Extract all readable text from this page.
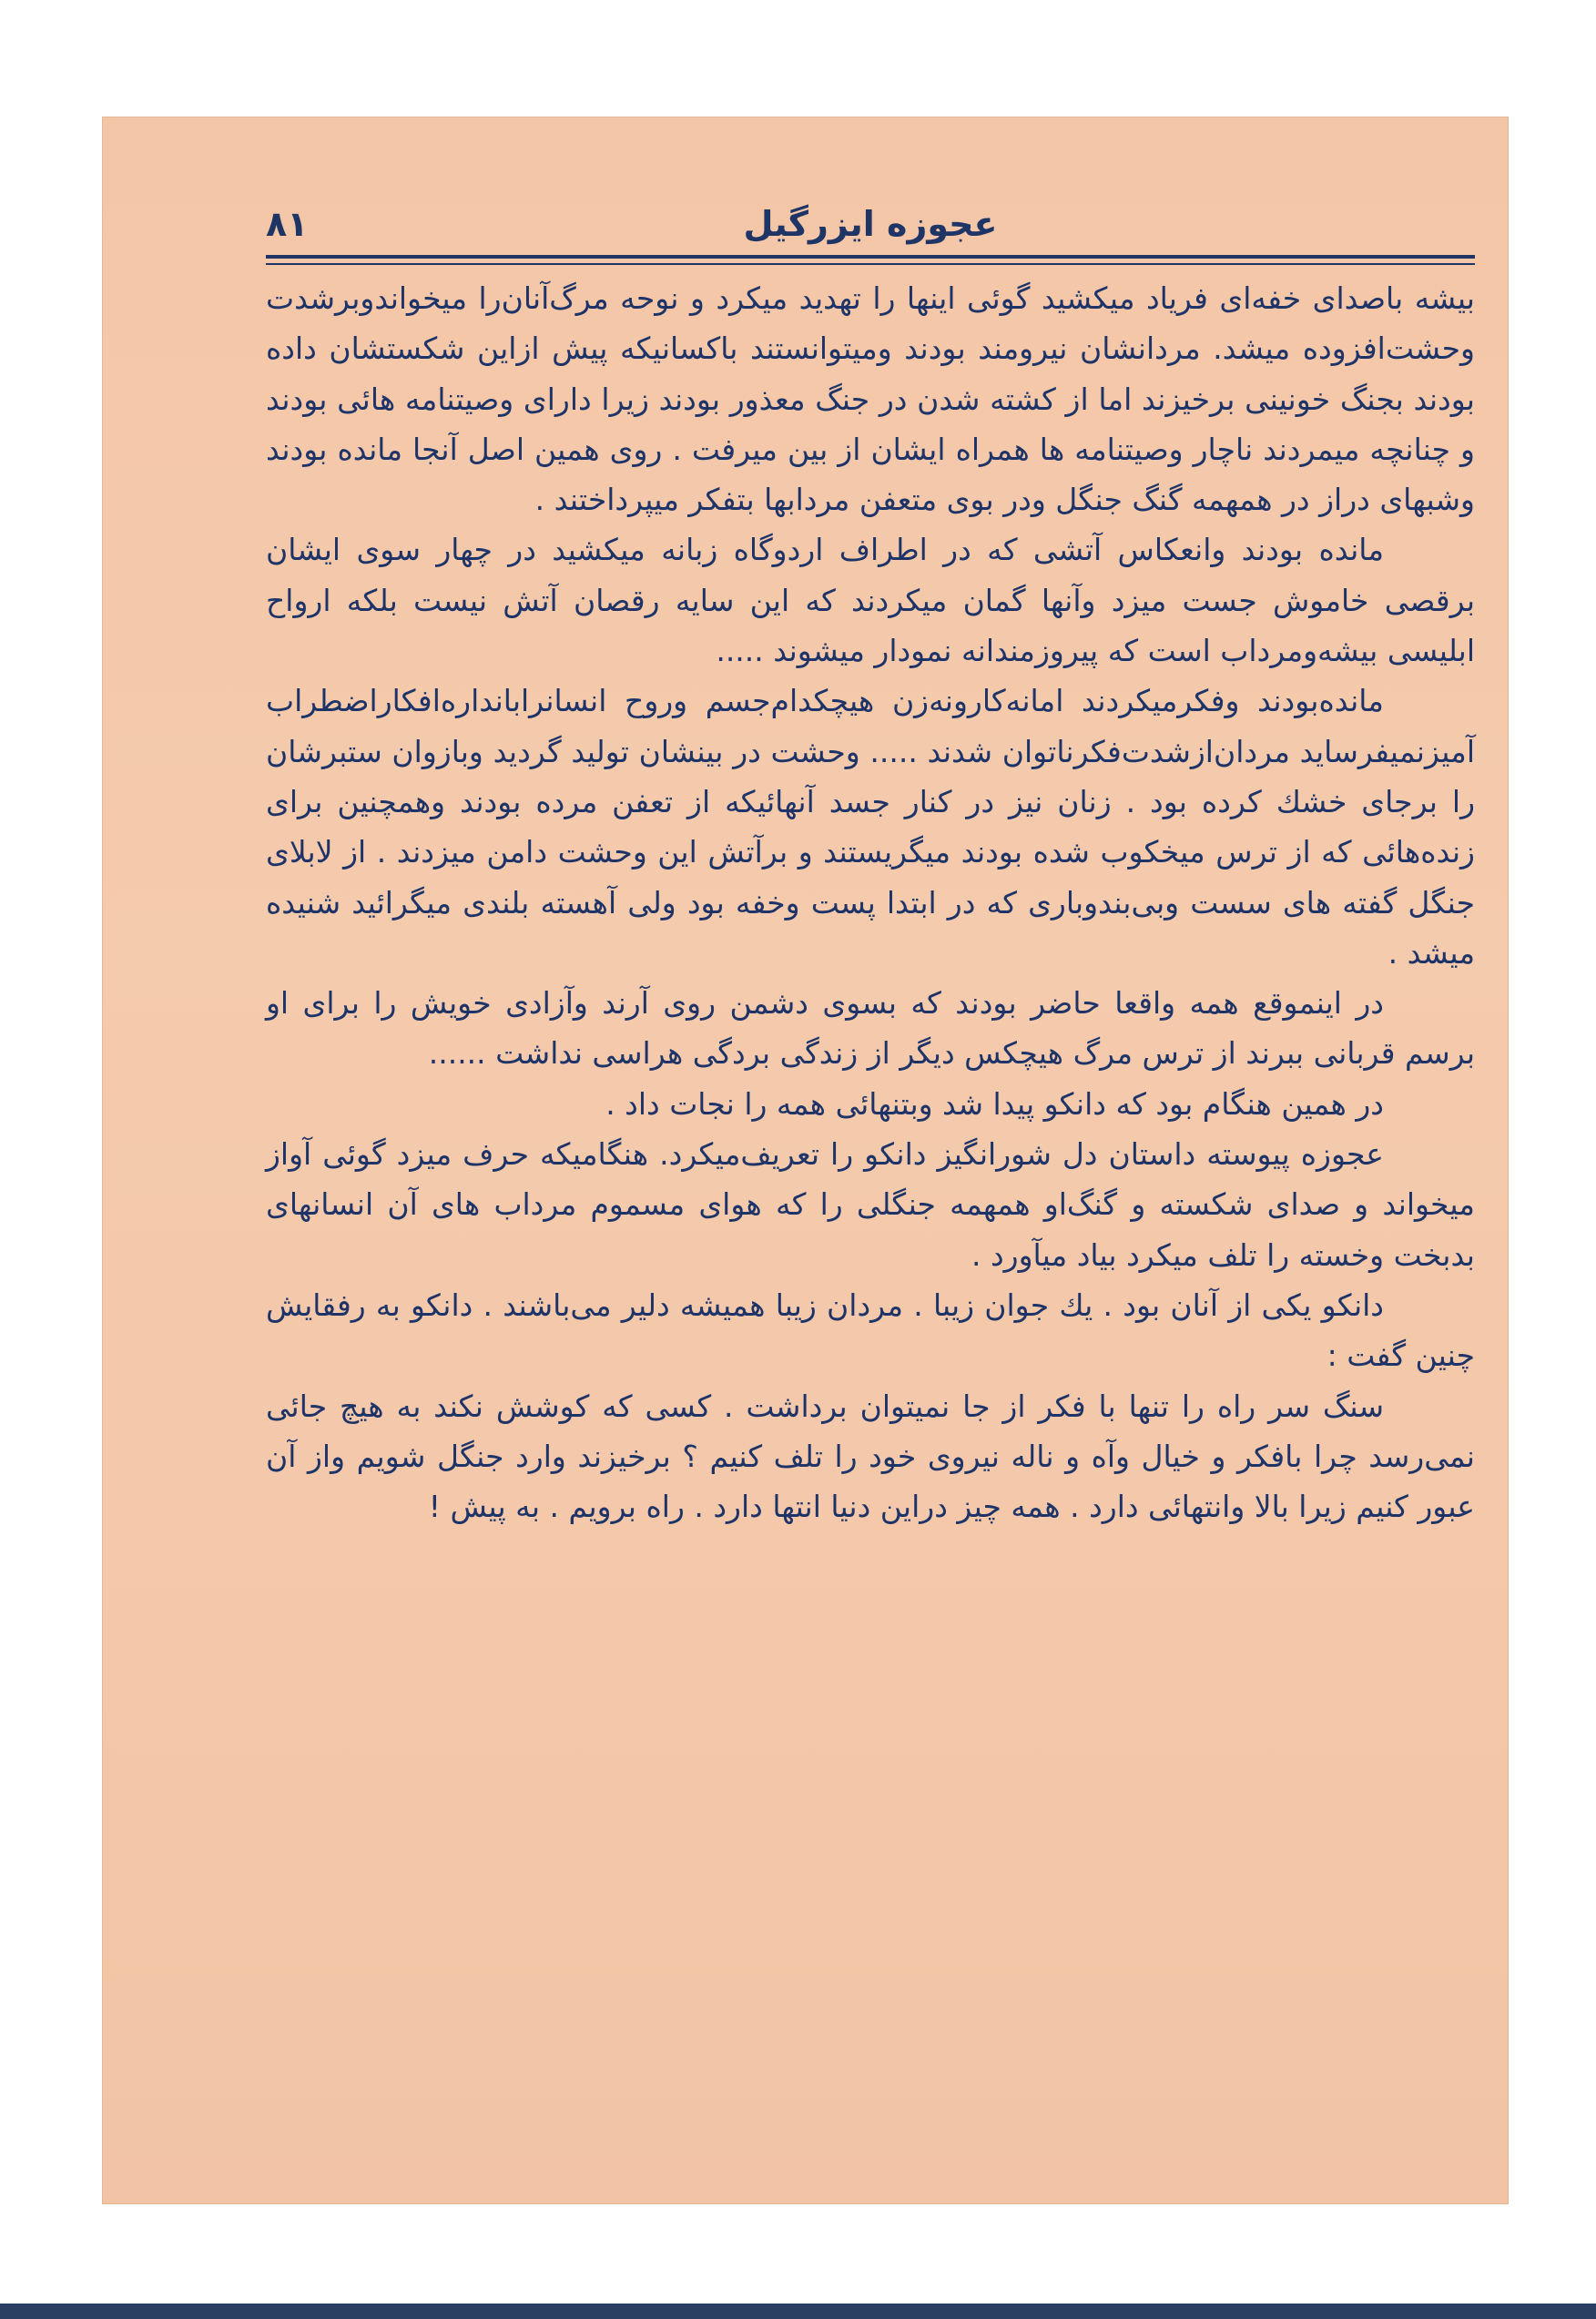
۸۱	عجوزه ایزرگیل

بیشه باصدای خفه‌ای فریاد میکشید گوئی اینها را تهدید میکرد و نوحه مرگ‌آنان‌را میخواندوبرشدت وحشت‌افزوده میشد. مردانشان نیرومند بودند ومیتوانستند باکسانیکه پیش ازاین شکستشان داده بودند بجنگ خونینی برخیزند اما از کشته شدن در جنگ معذور بودند زیرا دارای وصیتنامه هائی بودند و چنانچه میمردند ناچار وصیتنامه ها همراه ایشان از بین میرفت . روی همین اصل آنجا مانده بودند وشبهای دراز در همهمه گنگ جنگل ودر بوی متعفن مردابها بتفکر میپرداختند .

مانده بودند وانعکاس آتشی که در اطراف اردوگاه زبانه میکشید در چهار سوی ایشان برقصی خاموش جست میزد وآنها گمان میکردند که این سایه رقصان آتش نیست بلکه ارواح ابلیسی بیشه‌ومرداب است که پیروزمندانه نمودار میشوند .....

مانده‌بودند وفکرمیکردند امانه‌کارونه‌زن هیچکدام‌جسم وروح انسانرابانداره‌افکاراضطراب آمیزنمیفرساید مردان‌ازشدت‌فکرناتوان شدند ..... وحشت در بینشان تولید گردید وبازوان ستبرشان را برجای خشك کرده بود . زنان نیز در کنار جسد آنهائیکه از تعفن مرده بودند وهمچنین برای زنده‌هائی که از ترس میخکوب شده بودند میگریستند و برآتش این وحشت دامن میزدند . از لابلای جنگل گفته های سست وبی‌بندوباری که در ابتدا پست وخفه بود ولی آهسته بلندی میگرائید شنیده میشد .

در اینموقع همه واقعا حاضر بودند که بسوی دشمن روی آرند وآزادی خویش را برای او برسم قربانی ببرند از ترس مرگ هیچکس دیگر از زندگی بردگی هراسی نداشت ......

در همین هنگام بود که دانکو پیدا شد وبتنهائی همه را نجات داد .

عجوزه پیوسته داستان دل شورانگیز دانکو را تعریف‌میکرد. هنگامیکه حرف میزد گوئی آواز میخواند و صدای شکسته و گنگ‌او همهمه جنگلی را که هوای مسموم مرداب های آن انسانهای بدبخت وخسته را تلف میکرد بیاد میآورد .

دانکو یکی از آنان بود . یك جوان زیبا . مردان زیبا همیشه دلیر می‌باشند . دانکو به رفقایش چنین گفت :

سنگ سر راه را تنها با فکر از جا نمیتوان برداشت . کسی که کوشش نکند به هیچ جائی نمی‌رسد چرا بافکر و خیال وآه و ناله نیروی خود را تلف کنیم ؟ برخیزند وارد جنگل شویم واز آن عبور کنیم زیرا بالا وانتهائی دارد . همه چیز دراین دنیا انتها دارد . راه برویم . به پیش !
